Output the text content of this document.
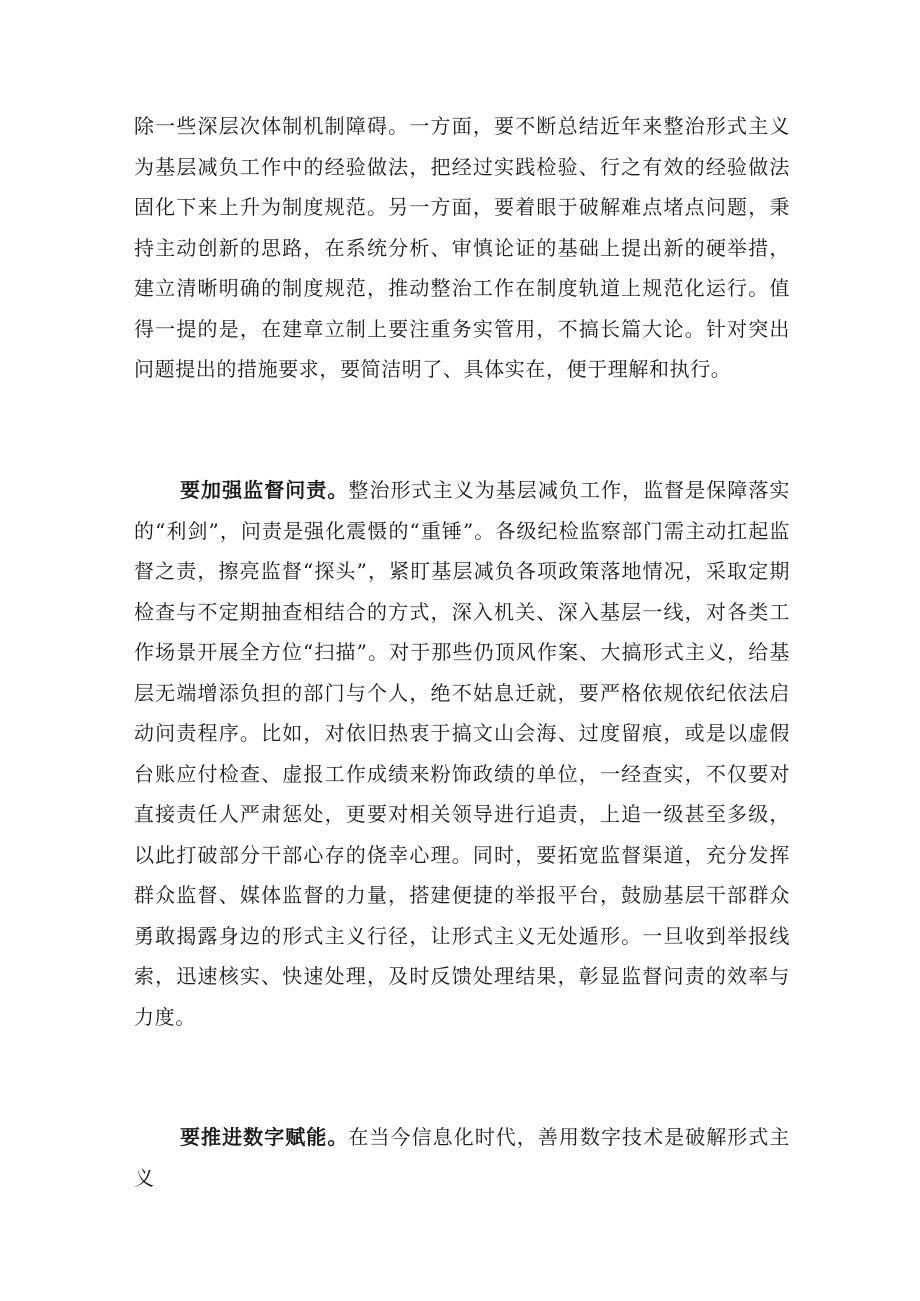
除一些深层次体制机制障碍。一方面，要不断总结近年来整治形式主义为基层减负工作中的经验做法，把经过实践检验、行之有效的经验做法固化下来上升为制度规范。另一方面，要着眼于破解难点堵点问题，秉持主动创新的思路，在系统分析、审慎论证的基础上提出新的硬举措，建立清晰明确的制度规范，推动整治工作在制度轨道上规范化运行。值得一提的是，在建章立制上要注重务实管用，不搞长篇大论。针对突出问题提出的措施要求，要简洁明了、具体实在，便于理解和执行。

要加强监督问责。整治形式主义为基层减负工作，监督是保障落实的“利剑”，问责是强化震慑的“重锤”。各级纪检监察部门需主动扛起监督之责，擦亮监督“探头”，紧盯基层减负各项政策落地情况，采取定期检查与不定期抽查相结合的方式，深入机关、深入基层一线，对各类工作场景开展全方位“扫描”。对于那些仍顶风作案、大搞形式主义，给基层无端增添负担的部门与个人，绝不姑息迁就，要严格依规依纪依法启动问责程序。比如，对依旧热衷于搞文山会海、过度留痕，或是以虚假台账应付检查、虚报工作成绩来粉饰政绩的单位，一经查实，不仅要对直接责任人严肃惩处，更要对相关领导进行追责，上追一级甚至多级，以此打破部分干部心存的侥幸心理。同时，要拓宽监督渠道，充分发挥群众监督、媒体监督的力量，搭建便捷的举报平台，鼓励基层干部群众勇敢揭露身边的形式主义行径，让形式主义无处遁形。一旦收到举报线索，迅速核实、快速处理，及时反馈处理结果，彰显监督问责的效率与力度。

要推进数字赋能。在当今信息化时代，善用数字技术是破解形式主义
